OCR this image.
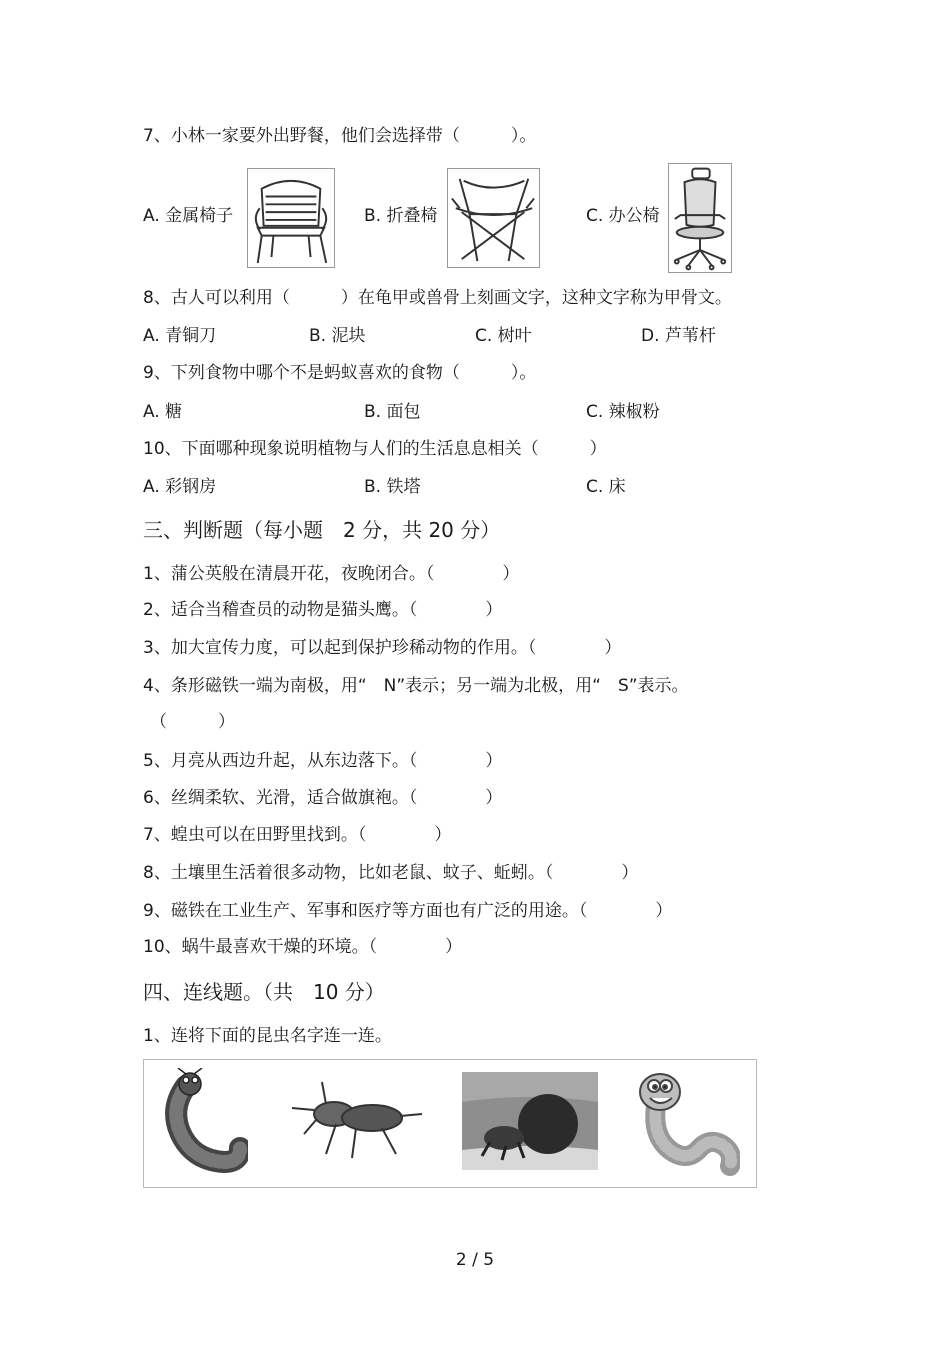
7、小林一家要外出野餐，他们会选择带（　　　）。
A. 金属椅子	B. 折叠椅	C. 办公椅
8、古人可以利用（　　　）在龟甲或兽骨上刻画文字，这种文字称为甲骨文。
A. 青铜刀	B. 泥块	C. 树叶	D. 芦苇杆
9、下列食物中哪个不是蚂蚁喜欢的食物（　　　）。
A. 糖	B. 面包	C. 辣椒粉
10、下面哪种现象说明植物与人们的生活息息相关（　　　）
A. 彩钢房	B. 铁塔	C. 床
三、判断题（每小题　2 分，共 20 分）
1、蒲公英般在清晨开花，夜晚闭合。（　　　　）
2、适合当稽查员的动物是猫头鹰。（　　　　）
3、加大宣传力度，可以起到保护珍稀动物的作用。（　　　　）
4、条形磁铁一端为南极，用“　N”表示；另一端为北极，用“　S”表示。
（　　　）
5、月亮从西边升起，从东边落下。（　　　　）
6、丝绸柔软、光滑，适合做旗袍。（　　　　）
7、蝗虫可以在田野里找到。（　　　　）
8、土壤里生活着很多动物，比如老鼠、蚊子、蚯蚓。（　　　　）
9、磁铁在工业生产、军事和医疗等方面也有广泛的用途。（　　　　）
10、蜗牛最喜欢干燥的环境。（　　　　）
四、连线题。（共　10 分）
1、连将下面的昆虫名字连一连。
2 / 5
